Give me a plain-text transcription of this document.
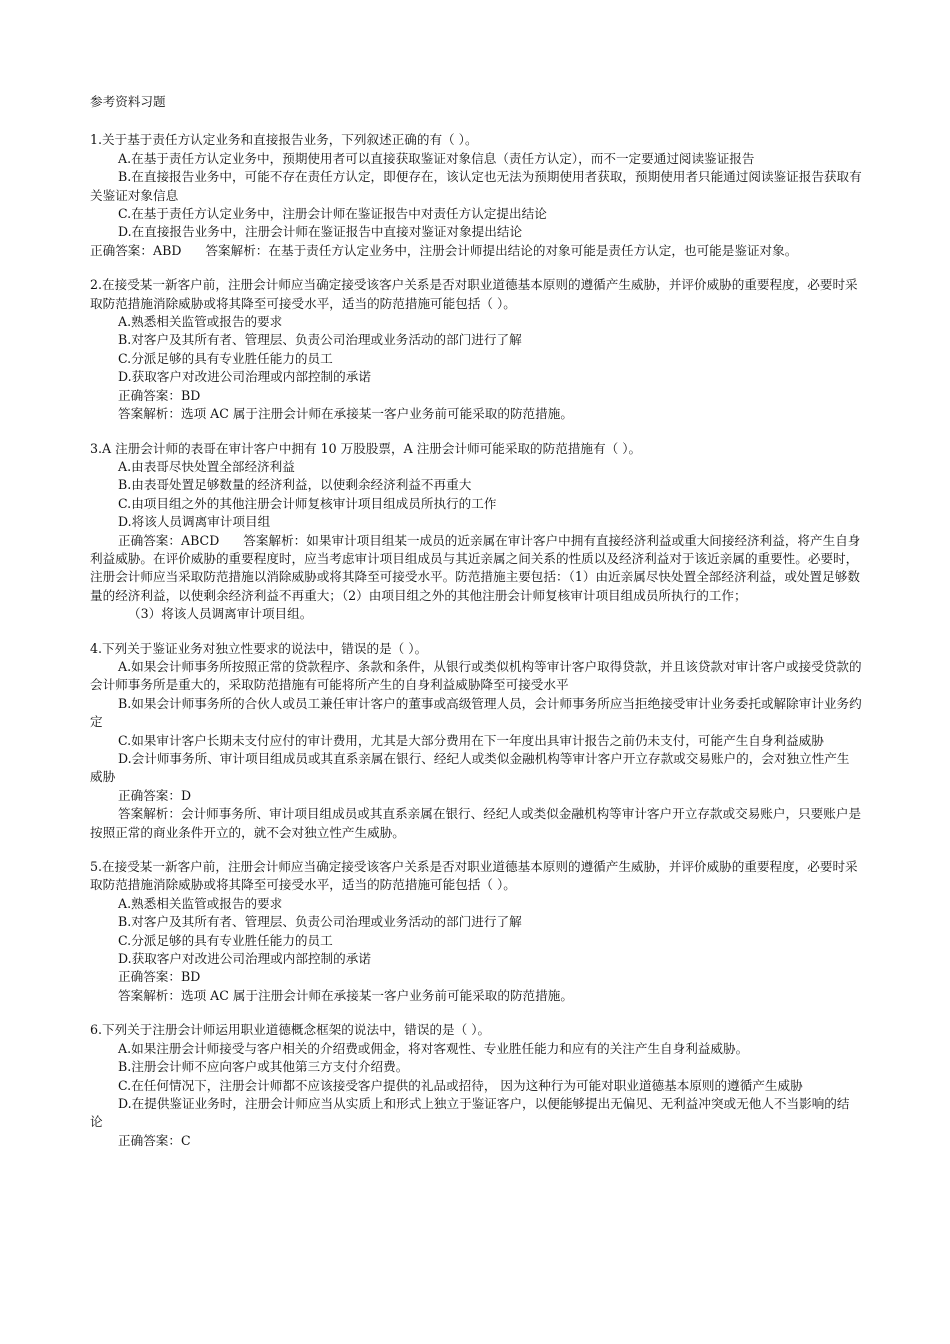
参考资料习题
1.关于基于责任方认定业务和直接报告业务，下列叙述正确的有（ ）。
A.在基于责任方认定业务中，预期使用者可以直接获取鉴证对象信息（责任方认定），而不一定要通过阅读鉴证报告
B.在直接报告业务中，可能不存在责任方认定，即便存在，该认定也无法为预期使用者获取，预期使用者只能通过阅读鉴证报告获取有关鉴证对象信息
C.在基于责任方认定业务中，注册会计师在鉴证报告中对责任方认定提出结论
D.在直接报告业务中，注册会计师在鉴证报告中直接对鉴证对象提出结论
正确答案：ABD 答案解析：在基于责任方认定业务中，注册会计师提出结论的对象可能是责任方认定，也可能是鉴证对象。
2.在接受某一新客户前，注册会计师应当确定接受该客户关系是否对职业道德基本原则的遵循产生威胁，并评价威胁的重要程度，必要时采取防范措施消除威胁或将其降至可接受水平，适当的防范措施可能包括（ ）。
A.熟悉相关监管或报告的要求
B.对客户及其所有者、管理层、负责公司治理或业务活动的部门进行了解
C.分派足够的具有专业胜任能力的员工
D.获取客户对改进公司治理或内部控制的承诺
正确答案：BD
答案解析：选项 AC 属于注册会计师在承接某一客户业务前可能采取的防范措施。
3.A 注册会计师的表哥在审计客户中拥有 10 万股股票，A 注册会计师可能采取的防范措施有（ ）。
A.由表哥尽快处置全部经济利益
B.由表哥处置足够数量的经济利益，以使剩余经济利益不再重大
C.由项目组之外的其他注册会计师复核审计项目组成员所执行的工作
D.将该人员调离审计项目组
正确答案：ABCD 答案解析：如果审计项目组某一成员的近亲属在审计客户中拥有直接经济利益或重大间接经济利益，将产生自身利益威胁。在评价威胁的重要程度时，应当考虑审计项目组成员与其近亲属之间关系的性质以及经济利益对于该近亲属的重要性。必要时，注册会计师应当采取防范措施以消除威胁或将其降至可接受水平。防范措施主要包括：（1）由近亲属尽快处置全部经济利益，或处置足够数量的经济利益，以使剩余经济利益不再重大；（2）由项目组之外的其他注册会计师复核审计项目组成员所执行的工作；
（3）将该人员调离审计项目组。
4.下列关于鉴证业务对独立性要求的说法中，错误的是（ ）。
A.如果会计师事务所按照正常的贷款程序、条款和条件，从银行或类似机构等审计客户取得贷款，并且该贷款对审计客户或接受贷款的会计师事务所是重大的，采取防范措施有可能将所产生的自身利益威胁降至可接受水平
B.如果会计师事务所的合伙人或员工兼任审计客户的董事或高级管理人员，会计师事务所应当拒绝接受审计业务委托或解除审计业务约定
C.如果审计客户长期未支付应付的审计费用，尤其是大部分费用在下一年度出具审计报告之前仍未支付，可能产生自身利益威胁
D.会计师事务所、审计项目组成员或其直系亲属在银行、经纪人或类似金融机构等审计客户开立存款或交易账户的，会对独立性产生威胁
正确答案：D
答案解析：会计师事务所、审计项目组成员或其直系亲属在银行、经纪人或类似金融机构等审计客户开立存款或交易账户，只要账户是按照正常的商业条件开立的，就不会对独立性产生威胁。
5.在接受某一新客户前，注册会计师应当确定接受该客户关系是否对职业道德基本原则的遵循产生威胁，并评价威胁的重要程度，必要时采取防范措施消除威胁或将其降至可接受水平，适当的防范措施可能包括（ ）。
A.熟悉相关监管或报告的要求
B.对客户及其所有者、管理层、负责公司治理或业务活动的部门进行了解
C.分派足够的具有专业胜任能力的员工
D.获取客户对改进公司治理或内部控制的承诺
正确答案：BD
答案解析：选项 AC 属于注册会计师在承接某一客户业务前可能采取的防范措施。
6.下列关于注册会计师运用职业道德概念框架的说法中，错误的是（ ）。
A.如果注册会计师接受与客户相关的介绍费或佣金，将对客观性、专业胜任能力和应有的关注产生自身利益威胁。
B.注册会计师不应向客户或其他第三方支付介绍费。
C.在任何情况下，注册会计师都不应该接受客户提供的礼品或招待， 因为这种行为可能对职业道德基本原则的遵循产生威胁
D.在提供鉴证业务时，注册会计师应当从实质上和形式上独立于鉴证客户，以便能够提出无偏见、无利益冲突或无他人不当影响的结论
正确答案：C
